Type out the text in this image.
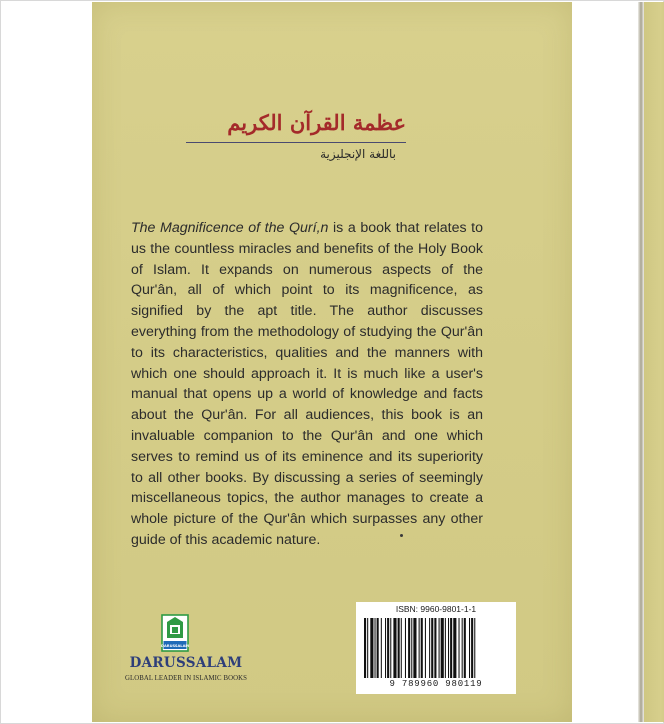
عظمة القرآن الكريم
باللغة الإنجليزية

The Magnificence of the Qurí,n is a book that relates to us the countless miracles and benefits of the Holy Book of Islam. It expands on numerous aspects of the Qur'ân, all of which point to its magnificence, as signified by the apt title. The author discusses everything from the methodology of studying the Qur'ân to its characteristics, qualities and the manners with which one should approach it. It is much like a user's manual that opens up a world of knowledge and facts about the Qur'ân. For all audiences, this book is an invaluable companion to the Qur'ân and one which serves to remind us of its eminence and its superiority to all other books. By discussing a series of seemingly miscellaneous topics, the author manages to create a whole picture of the Qur'ân which surpasses any other guide of this academic nature.

DARUSSALAM
DARUSSALAM
GLOBAL LEADER IN ISLAMIC BOOKS
ISBN: 9960-9801-1-1
9 789960 980119
